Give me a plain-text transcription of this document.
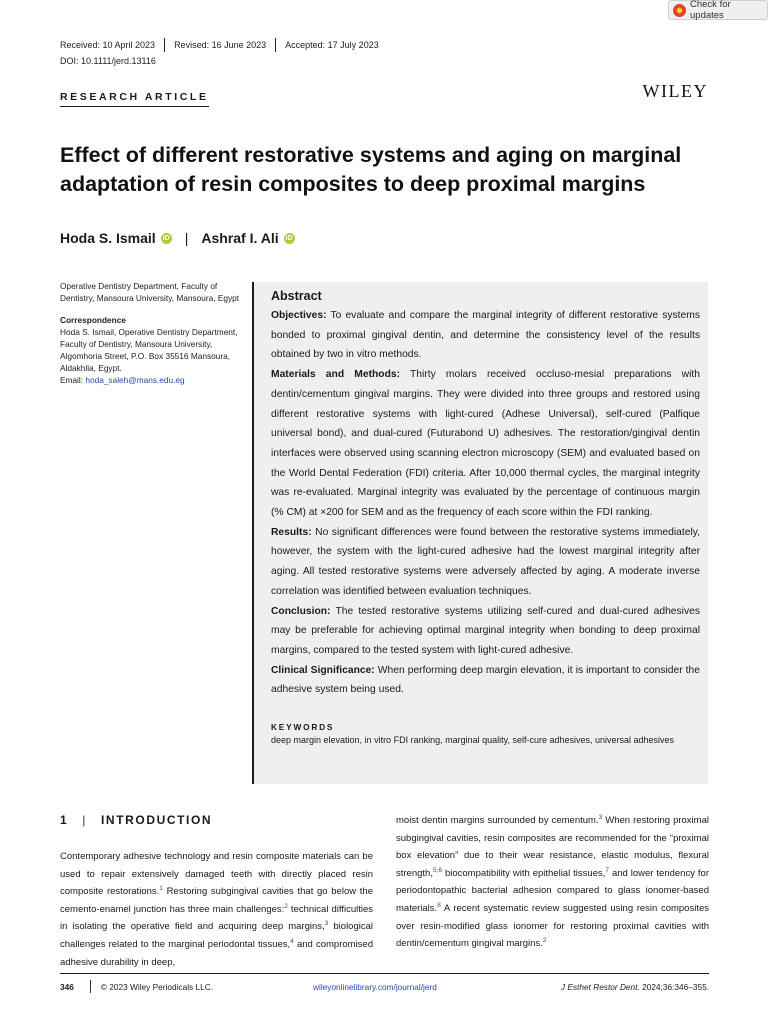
Check for updates
Received: 10 April 2023	Revised: 16 June 2023	Accepted: 17 July 2023
DOI: 10.1111/jerd.13116
RESEARCH ARTICLE	WILEY
Effect of different restorative systems and aging on marginal adaptation of resin composites to deep proximal margins
Hoda S. Ismail iD | Ashraf I. Ali iD
Operative Dentistry Department, Faculty of Dentistry, Mansoura University, Mansoura, Egypt
Correspondence
Hoda S. Ismail, Operative Dentistry Department, Faculty of Dentistry, Mansoura University, Algomhoria Street, P.O. Box 35516 Mansoura, Aldakhlia, Egypt.
Email: hoda_saleh@mans.edu.eg
Abstract

Objectives: To evaluate and compare the marginal integrity of different restorative systems bonded to proximal gingival dentin, and determine the consistency level of the results obtained by two in vitro methods.

Materials and Methods: Thirty molars received occluso-mesial preparations with dentin/cementum gingival margins. They were divided into three groups and restored using different restorative systems with light-cured (Adhese Universal), self-cured (Palfique universal bond), and dual-cured (Futurabond U) adhesives. The restoration/gingival dentin interfaces were observed using scanning electron microscopy (SEM) and evaluated based on the World Dental Federation (FDI) criteria. After 10,000 thermal cycles, the marginal integrity was re-evaluated. Marginal integrity was evaluated by the percentage of continuous margin (% CM) at ×200 for SEM and as the frequency of each score within the FDI ranking.

Results: No significant differences were found between the restorative systems immediately, however, the system with the light-cured adhesive had the lowest marginal integrity after aging. All tested restorative systems were adversely affected by aging. A moderate inverse correlation was identified between evaluation techniques.

Conclusion: The tested restorative systems utilizing self-cured and dual-cured adhesives may be preferable for achieving optimal marginal integrity when bonding to deep proximal margins, compared to the tested system with light-cured adhesive.

Clinical Significance: When performing deep margin elevation, it is important to consider the adhesive system being used.

KEYWORDS
deep margin elevation, in vitro FDI ranking, marginal quality, self-cure adhesives, universal adhesives
1 | INTRODUCTION
Contemporary adhesive technology and resin composite materials can be used to repair extensively damaged teeth with directly placed resin composite restorations.$^1$ Restoring subgingival cavities that go below the cemento-enamel junction has three main challenges:$^2$ technical difficulties in isolating the operative field and acquiring deep margins,$^3$ biological challenges related to the marginal periodontal tissues,$^4$ and compromised adhesive durability in deep,
moist dentin margins surrounded by cementum.$^3$ When restoring proximal subgingival cavities, resin composites are recommended for the “proximal box elevation” due to their wear resistance, elastic modulus, flexural strength,$^{5,6}$ biocompatibility with epithelial tissues,$^7$ and lower tendency for periodontopathic bacterial adhesion compared to glass ionomer-based materials.$^8$ A recent systematic review suggested using resin composites over resin-modified glass ionomer for restoring proximal cavities with dentin/cementum gingival margins.$^2$
346	© 2023 Wiley Periodicals LLC.	wileyonlinelibrary.com/journal/jerd	J Esthet Restor Dent. 2024;36:346–355.
